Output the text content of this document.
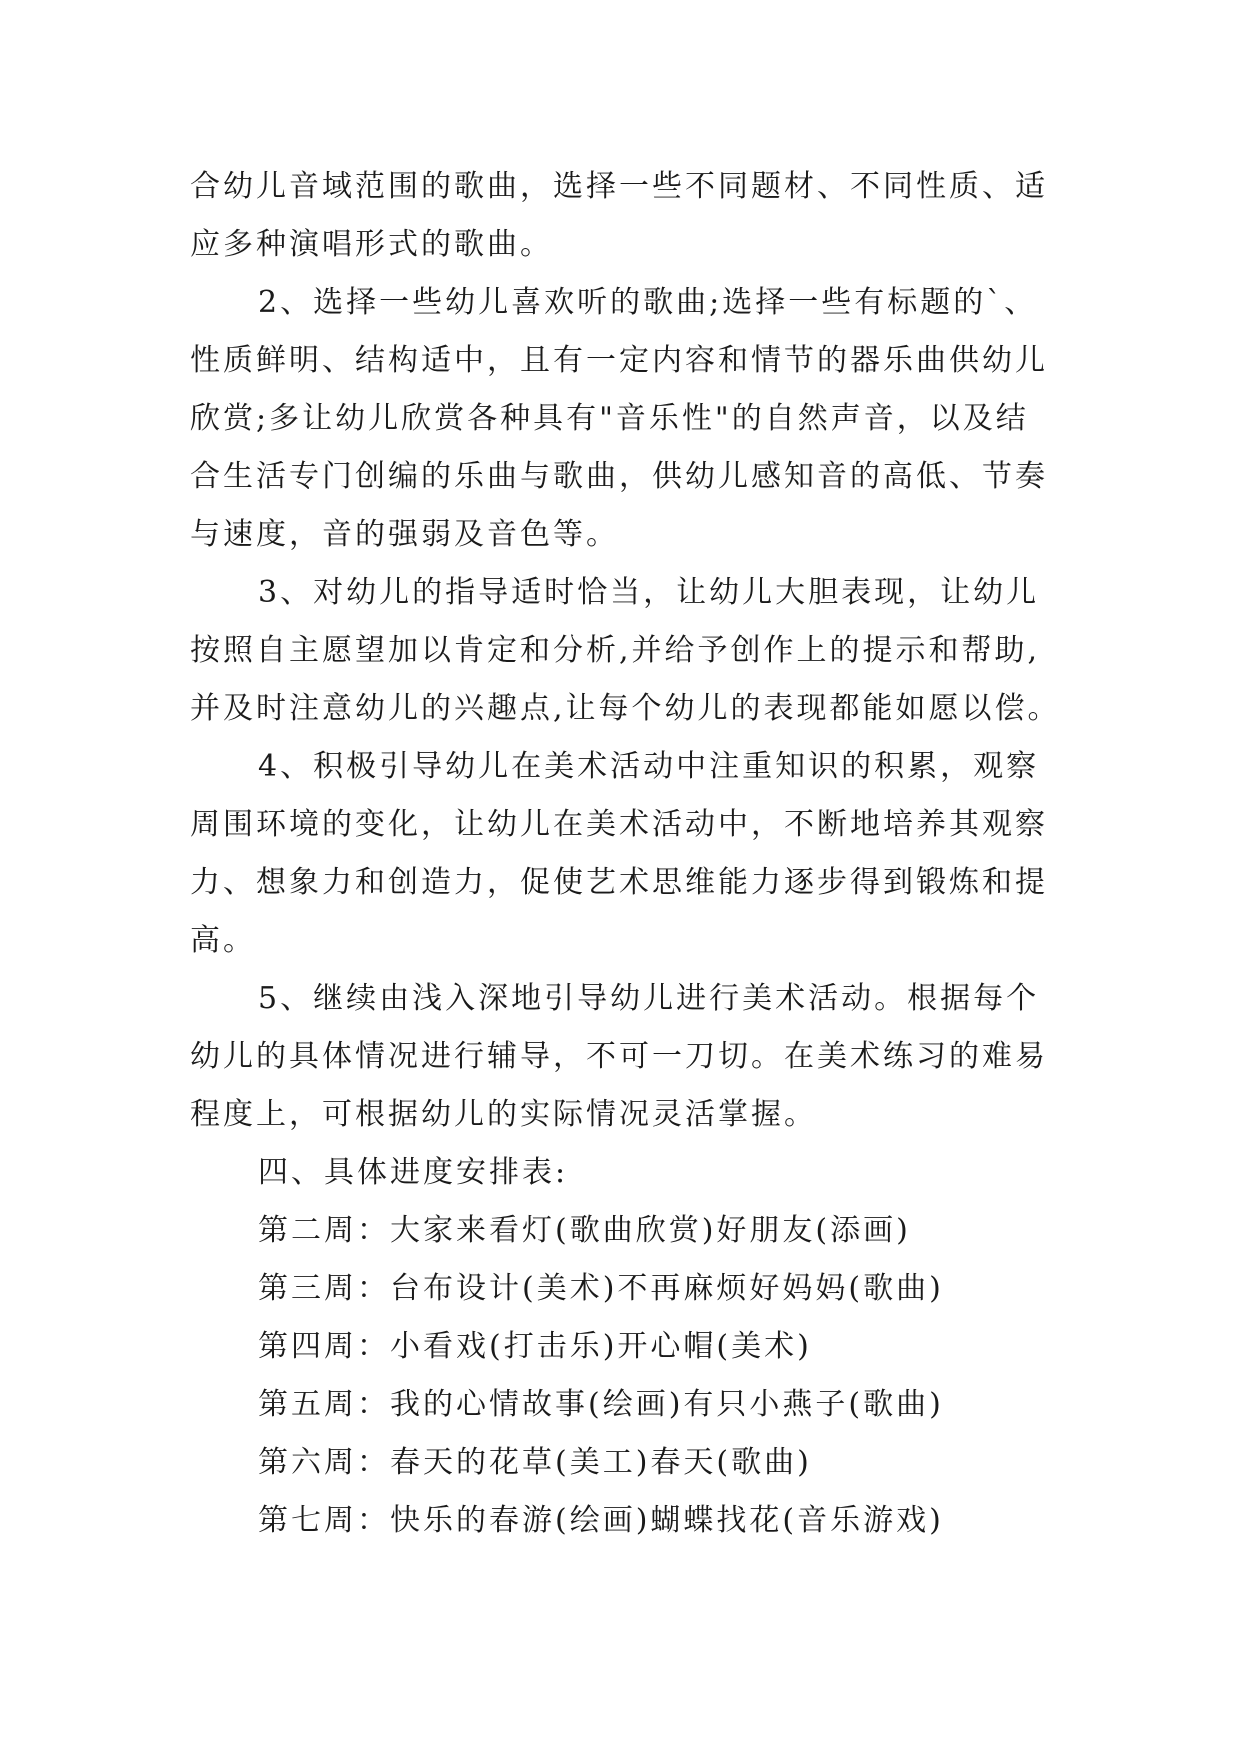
合幼儿音域范围的歌曲，选择一些不同题材、不同性质、适
应多种演唱形式的歌曲。
2、选择一些幼儿喜欢听的歌曲;选择一些有标题的`、
性质鲜明、结构适中，且有一定内容和情节的器乐曲供幼儿
欣赏;多让幼儿欣赏各种具有"音乐性"的自然声音，以及结
合生活专门创编的乐曲与歌曲，供幼儿感知音的高低、节奏
与速度，音的强弱及音色等。
3、对幼儿的指导适时恰当，让幼儿大胆表现，让幼儿
按照自主愿望加以肯定和分析,并给予创作上的提示和帮助,
并及时注意幼儿的兴趣点,让每个幼儿的表现都能如愿以偿。
4、积极引导幼儿在美术活动中注重知识的积累，观察
周围环境的变化，让幼儿在美术活动中，不断地培养其观察
力、想象力和创造力，促使艺术思维能力逐步得到锻炼和提
高。
5、继续由浅入深地引导幼儿进行美术活动。根据每个
幼儿的具体情况进行辅导，不可一刀切。在美术练习的难易
程度上，可根据幼儿的实际情况灵活掌握。
四、具体进度安排表:
第二周：大家来看灯(歌曲欣赏)好朋友(添画)
第三周：台布设计(美术)不再麻烦好妈妈(歌曲)
第四周：小看戏(打击乐)开心帽(美术)
第五周：我的心情故事(绘画)有只小燕子(歌曲)
第六周：春天的花草(美工)春天(歌曲)
第七周：快乐的春游(绘画)蝴蝶找花(音乐游戏)
